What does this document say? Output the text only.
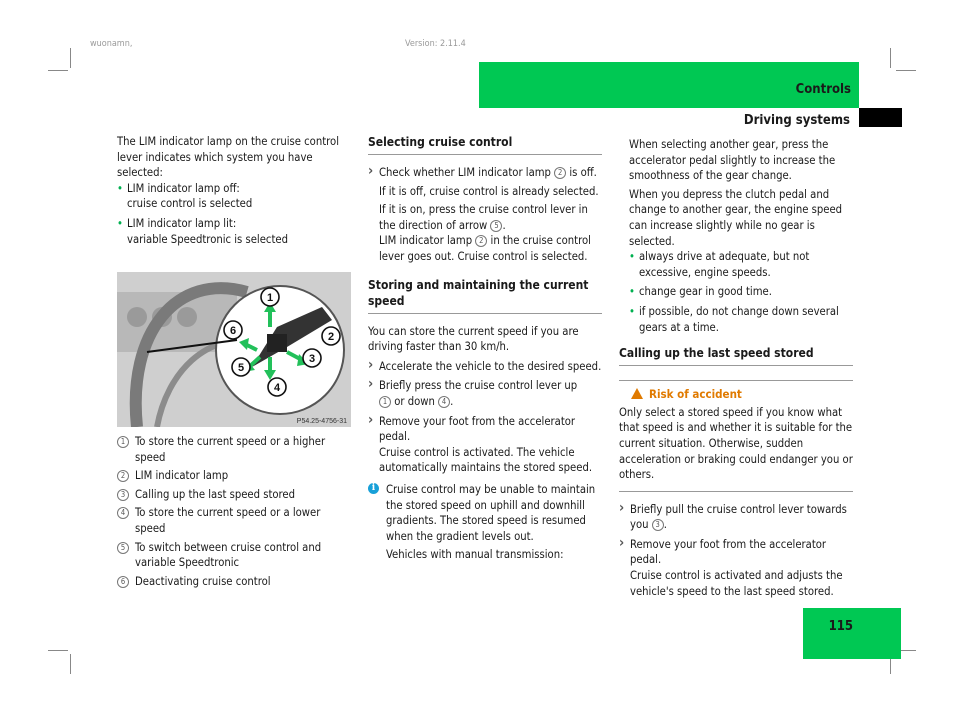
wuonamn,	Version: 2.11.4
Controls
Driving systems
115

The LIM indicator lamp on the cruise control lever indicates which system you have selected:

• LIM indicator lamp off:
cruise control is selected

• LIM indicator lamp lit:
variable Speedtronic is selected

1
2
3
4
5
6
P54.25-4756-31

1 To store the current speed or a higher speed

2 LIM indicator lamp

3 Calling up the last speed stored

4 To store the current speed or a lower speed

5 To switch between cruise control and variable Speedtronic

6 Deactivating cruise control

Selecting cruise control

› Check whether LIM indicator lamp 2 is off.

If it is off, cruise control is already selected.

If it is on, press the cruise control lever in the direction of arrow 5 .

LIM indicator lamp 2 in the cruise control lever goes out. Cruise control is selected.

Storing and maintaining the current speed

You can store the current speed if you are driving faster than 30 km/h.

› Accelerate the vehicle to the desired speed.

› Briefly press the cruise control lever up
1 or down 4 .

› Remove your foot from the accelerator pedal.
Cruise control is activated. The vehicle automatically maintains the stored speed.

i Cruise control may be unable to maintain the stored speed on uphill and downhill gradients. The stored speed is resumed when the gradient levels out.

Vehicles with manual transmission:

When selecting another gear, press the accelerator pedal slightly to increase the smoothness of the gear change.

When you depress the clutch pedal and change to another gear, the engine speed can increase slightly while no gear is selected.

• always drive at adequate, but not excessive, engine speeds.

• change gear in good time.

• if possible, do not change down several gears at a time.

Calling up the last speed stored
Risk of accident

Only select a stored speed if you know what that speed is and whether it is suitable for the current situation. Otherwise, sudden acceleration or braking could endanger you or others.

› Briefly pull the cruise control lever towards you 3 .

› Remove your foot from the accelerator pedal.
Cruise control is activated and adjusts the vehicle's speed to the last speed stored.
